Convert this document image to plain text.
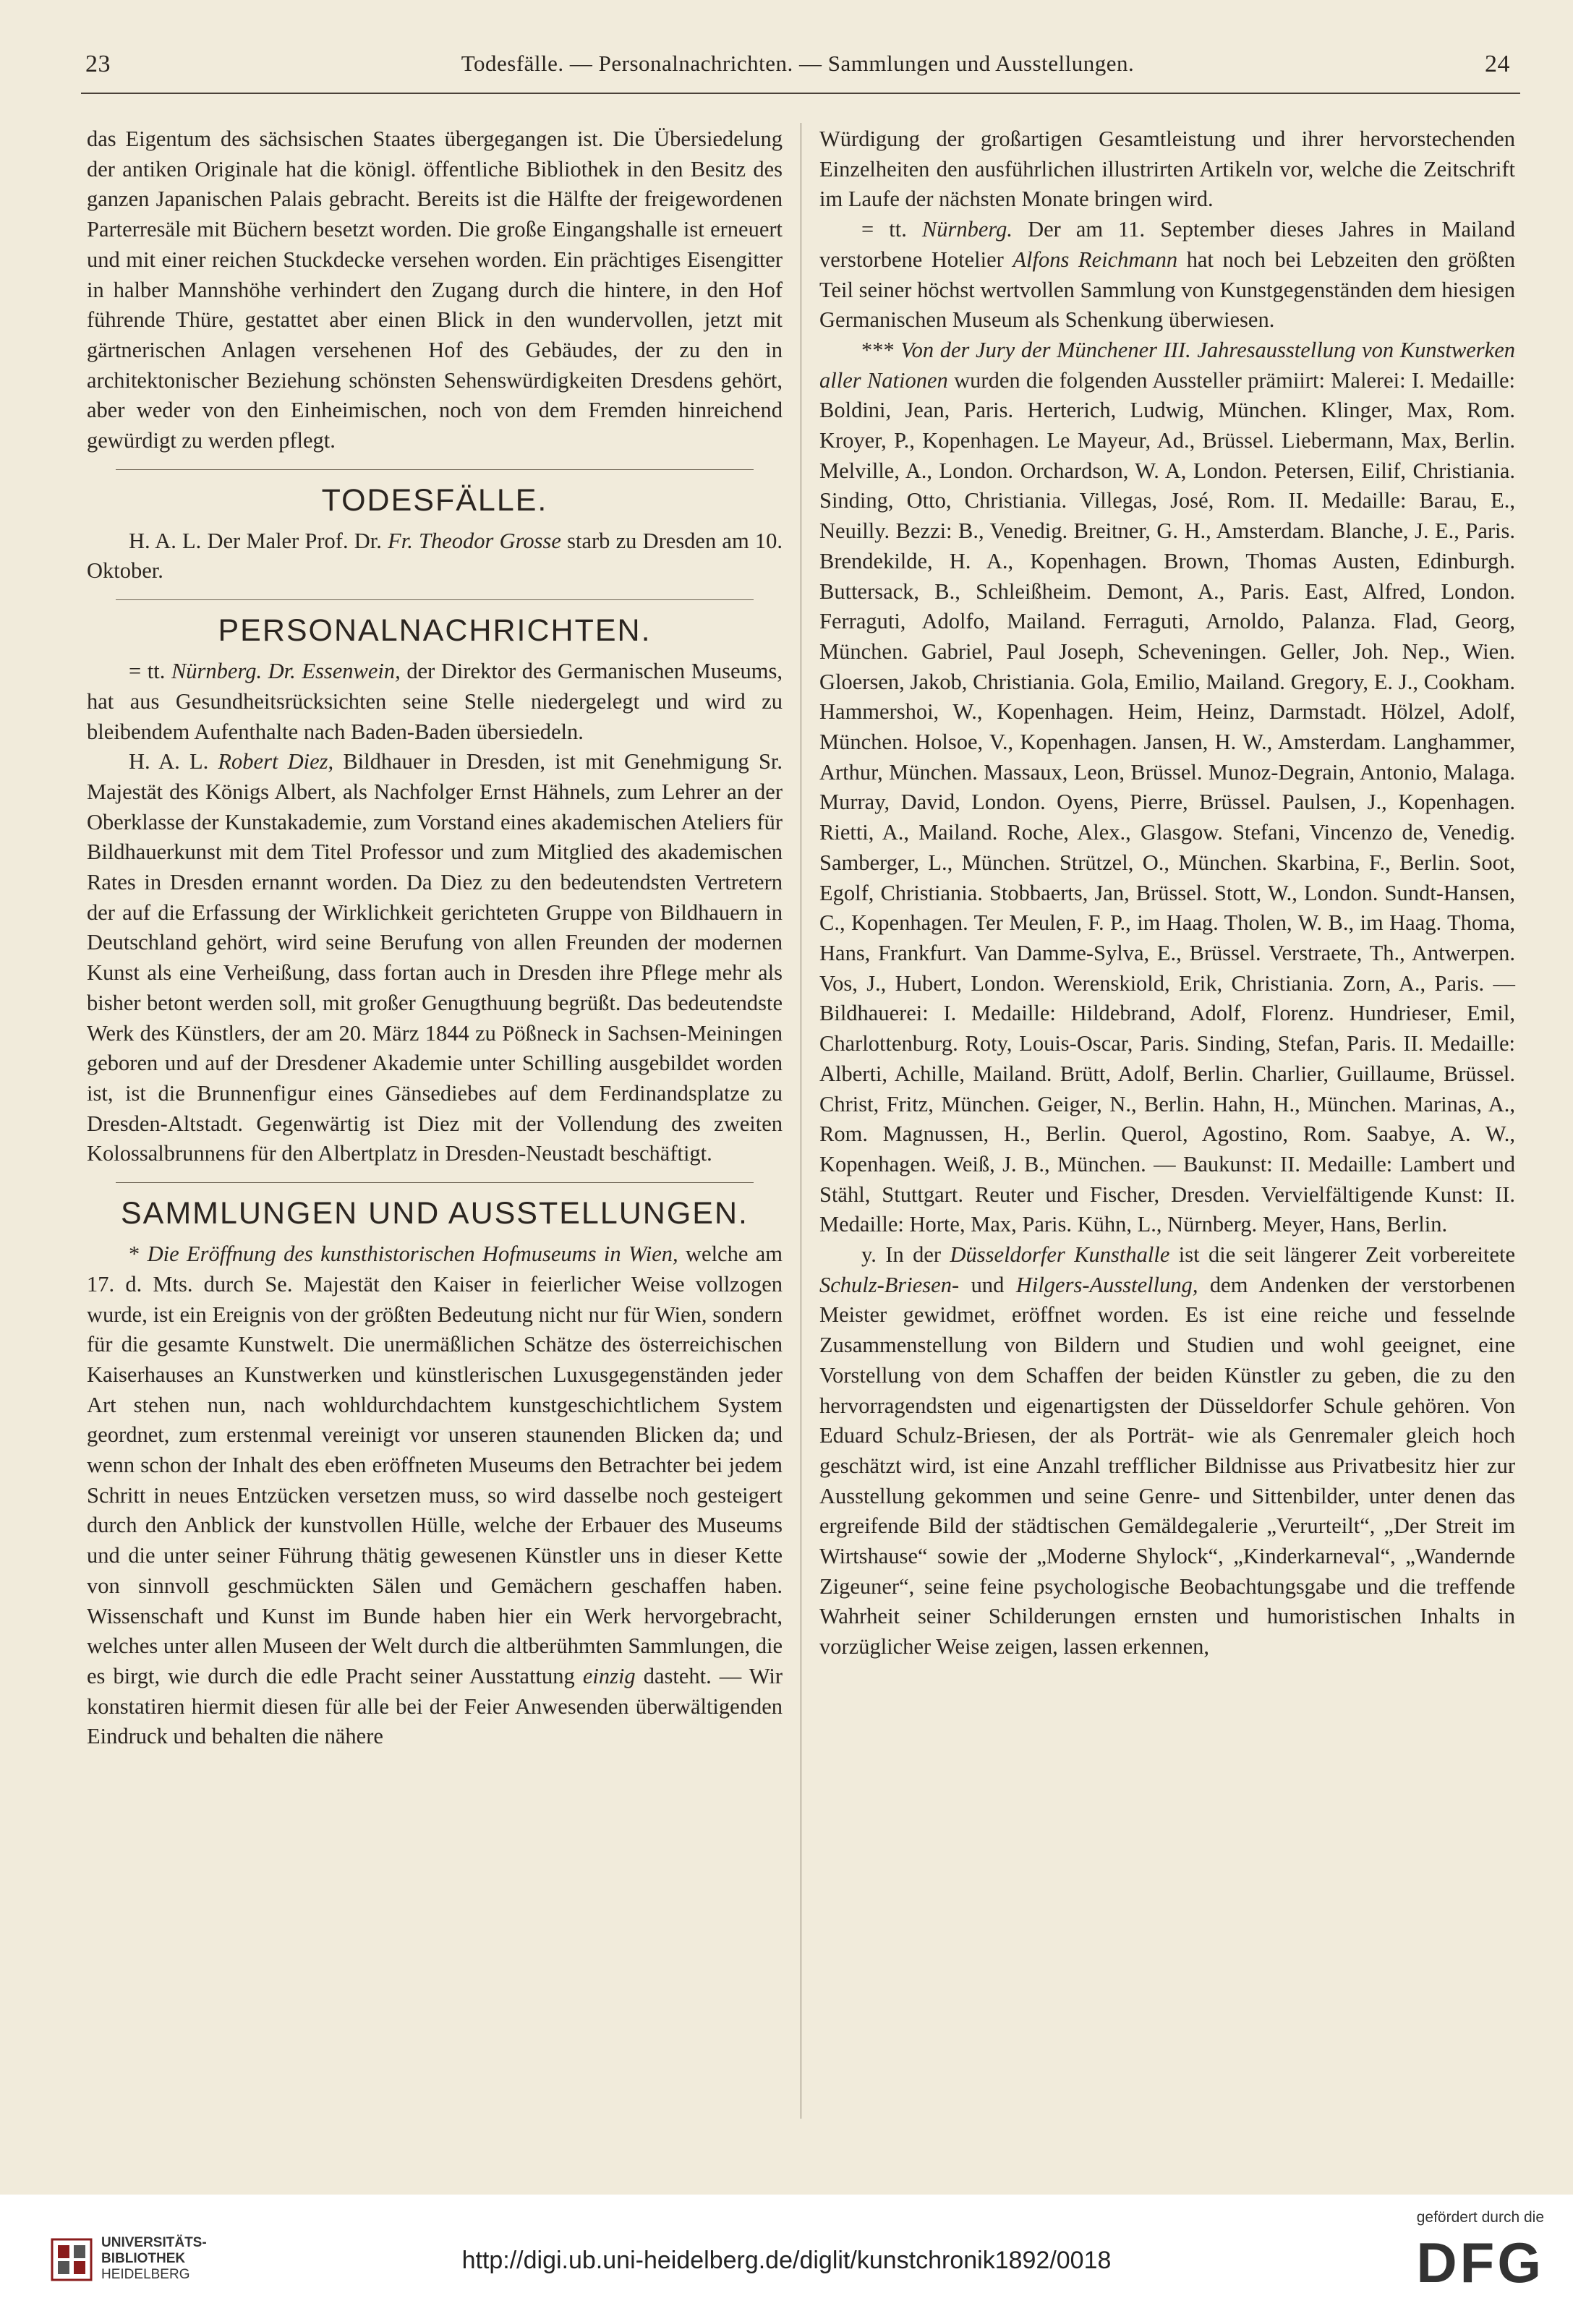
23	Todesfälle. — Personalnachrichten. — Sammlungen und Ausstellungen.	24

das Eigentum des sächsischen Staates übergegangen ist. Die Übersiedelung der antiken Originale hat die königl. öffentliche Bibliothek in den Besitz des ganzen Japanischen Palais gebracht. Bereits ist die Hälfte der freigewordenen Parterresäle mit Büchern besetzt worden. Die große Eingangshalle ist erneuert und mit einer reichen Stuckdecke versehen worden. Ein prächtiges Eisengitter in halber Mannshöhe verhindert den Zugang durch die hintere, in den Hof führende Thüre, gestattet aber einen Blick in den wundervollen, jetzt mit gärtnerischen Anlagen versehenen Hof des Gebäudes, der zu den in architektonischer Beziehung schönsten Sehenswürdigkeiten Dresdens gehört, aber weder von den Einheimischen, noch von dem Fremden hinreichend gewürdigt zu werden pflegt.

TODESFÄLLE.

H. A. L. Der Maler Prof. Dr. Fr. Theodor Grosse starb zu Dresden am 10. Oktober.

PERSONALNACHRICHTEN.

= tt. Nürnberg. Dr. Essenwein, der Direktor des Germanischen Museums, hat aus Gesundheitsrücksichten seine Stelle niedergelegt und wird zu bleibendem Aufenthalte nach Baden-Baden übersiedeln.

H. A. L. Robert Diez, Bildhauer in Dresden, ist mit Genehmigung Sr. Majestät des Königs Albert, als Nachfolger Ernst Hähnels, zum Lehrer an der Oberklasse der Kunstakademie, zum Vorstand eines akademischen Ateliers für Bildhauerkunst mit dem Titel Professor und zum Mitglied des akademischen Rates in Dresden ernannt worden. Da Diez zu den bedeutendsten Vertretern der auf die Erfassung der Wirklichkeit gerichteten Gruppe von Bildhauern in Deutschland gehört, wird seine Berufung von allen Freunden der modernen Kunst als eine Verheißung, dass fortan auch in Dresden ihre Pflege mehr als bisher betont werden soll, mit großer Genugthuung begrüßt. Das bedeutendste Werk des Künstlers, der am 20. März 1844 zu Pößneck in Sachsen-Meiningen geboren und auf der Dresdener Akademie unter Schilling ausgebildet worden ist, ist die Brunnenfigur eines Gänsediebes auf dem Ferdinandsplatze zu Dresden-Altstadt. Gegenwärtig ist Diez mit der Vollendung des zweiten Kolossalbrunnens für den Albertplatz in Dresden-Neustadt beschäftigt.

SAMMLUNGEN UND AUSSTELLUNGEN.

* Die Eröffnung des kunsthistorischen Hofmuseums in Wien, welche am 17. d. Mts. durch Se. Majestät den Kaiser in feierlicher Weise vollzogen wurde, ist ein Ereignis von der größten Bedeutung nicht nur für Wien, sondern für die gesamte Kunstwelt. Die unermäßlichen Schätze des österreichischen Kaiserhauses an Kunstwerken und künstlerischen Luxusgegenständen jeder Art stehen nun, nach wohldurchdachtem kunstgeschichtlichem System geordnet, zum erstenmal vereinigt vor unseren staunenden Blicken da; und wenn schon der Inhalt des eben eröffneten Museums den Betrachter bei jedem Schritt in neues Entzücken versetzen muss, so wird dasselbe noch gesteigert durch den Anblick der kunstvollen Hülle, welche der Erbauer des Museums und die unter seiner Führung thätig gewesenen Künstler uns in dieser Kette von sinnvoll geschmückten Sälen und Gemächern geschaffen haben. Wissenschaft und Kunst im Bunde haben hier ein Werk hervorgebracht, welches unter allen Museen der Welt durch die altberühmten Sammlungen, die es birgt, wie durch die edle Pracht seiner Ausstattung einzig dasteht. — Wir konstatiren hiermit diesen für alle bei der Feier Anwesenden überwältigenden Eindruck und behalten die nähere

Würdigung der großartigen Gesamtleistung und ihrer hervorstechenden Einzelheiten den ausführlichen illustrirten Artikeln vor, welche die Zeitschrift im Laufe der nächsten Monate bringen wird.

= tt. Nürnberg. Der am 11. September dieses Jahres in Mailand verstorbene Hotelier Alfons Reichmann hat noch bei Lebzeiten den größten Teil seiner höchst wertvollen Sammlung von Kunstgegenständen dem hiesigen Germanischen Museum als Schenkung überwiesen.

*** Von der Jury der Münchener III. Jahresausstellung von Kunstwerken aller Nationen wurden die folgenden Aussteller prämiirt: Malerei: I. Medaille: Boldini, Jean, Paris. Herterich, Ludwig, München. Klinger, Max, Rom. Kroyer, P., Kopenhagen. Le Mayeur, Ad., Brüssel. Liebermann, Max, Berlin. Melville, A., London. Orchardson, W. A, London. Petersen, Eilif, Christiania. Sinding, Otto, Christiania. Villegas, José, Rom. II. Medaille: Barau, E., Neuilly. Bezzi: B., Venedig. Breitner, G. H., Amsterdam. Blanche, J. E., Paris. Brendekilde, H. A., Kopenhagen. Brown, Thomas Austen, Edinburgh. Buttersack, B., Schleißheim. Demont, A., Paris. East, Alfred, London. Ferraguti, Adolfo, Mailand. Ferraguti, Arnoldo, Palanza. Flad, Georg, München. Gabriel, Paul Joseph, Scheveningen. Geller, Joh. Nep., Wien. Gloersen, Jakob, Christiania. Gola, Emilio, Mailand. Gregory, E. J., Cookham. Hammershoi, W., Kopenhagen. Heim, Heinz, Darmstadt. Hölzel, Adolf, München. Holsoe, V., Kopenhagen. Jansen, H. W., Amsterdam. Langhammer, Arthur, München. Massaux, Leon, Brüssel. Munoz-Degrain, Antonio, Malaga. Murray, David, London. Oyens, Pierre, Brüssel. Paulsen, J., Kopenhagen. Rietti, A., Mailand. Roche, Alex., Glasgow. Stefani, Vincenzo de, Venedig. Samberger, L., München. Strützel, O., München. Skarbina, F., Berlin. Soot, Egolf, Christiania. Stobbaerts, Jan, Brüssel. Stott, W., London. Sundt-Hansen, C., Kopenhagen. Ter Meulen, F. P., im Haag. Tholen, W. B., im Haag. Thoma, Hans, Frankfurt. Van Damme-Sylva, E., Brüssel. Verstraete, Th., Antwerpen. Vos, J., Hubert, London. Werenskiold, Erik, Christiania. Zorn, A., Paris. — Bildhauerei: I. Medaille: Hildebrand, Adolf, Florenz. Hundrieser, Emil, Charlottenburg. Roty, Louis-Oscar, Paris. Sinding, Stefan, Paris. II. Medaille: Alberti, Achille, Mailand. Brütt, Adolf, Berlin. Charlier, Guillaume, Brüssel. Christ, Fritz, München. Geiger, N., Berlin. Hahn, H., München. Marinas, A., Rom. Magnussen, H., Berlin. Querol, Agostino, Rom. Saabye, A. W., Kopenhagen. Weiß, J. B., München. — Baukunst: II. Medaille: Lambert und Stähl, Stuttgart. Reuter und Fischer, Dresden. Vervielfältigende Kunst: II. Medaille: Horte, Max, Paris. Kühn, L., Nürnberg. Meyer, Hans, Berlin.

y. In der Düsseldorfer Kunsthalle ist die seit längerer Zeit vorbereitete Schulz-Briesen- und Hilgers-Ausstellung, dem Andenken der verstorbenen Meister gewidmet, eröffnet worden. Es ist eine reiche und fesselnde Zusammenstellung von Bildern und Studien und wohl geeignet, eine Vorstellung von dem Schaffen der beiden Künstler zu geben, die zu den hervorragendsten und eigenartigsten der Düsseldorfer Schule gehören. Von Eduard Schulz-Briesen, der als Porträt- wie als Genremaler gleich hoch geschätzt wird, ist eine Anzahl trefflicher Bildnisse aus Privatbesitz hier zur Ausstellung gekommen und seine Genre- und Sittenbilder, unter denen das ergreifende Bild der städtischen Gemäldegalerie „Verurteilt“, „Der Streit im Wirtshause“ sowie der „Moderne Shylock“, „Kinderkarneval“, „Wandernde Zigeuner“, seine feine psychologische Beobachtungsgabe und die treffende Wahrheit seiner Schilderungen ernsten und humoristischen Inhalts in vorzüglicher Weise zeigen, lassen erkennen,

UNIVERSITÄTS-
BIBLIOTHEK
HEIDELBERG
http://digi.ub.uni-heidelberg.de/diglit/kunstchronik1892/0018
gefördert durch die
DFG
